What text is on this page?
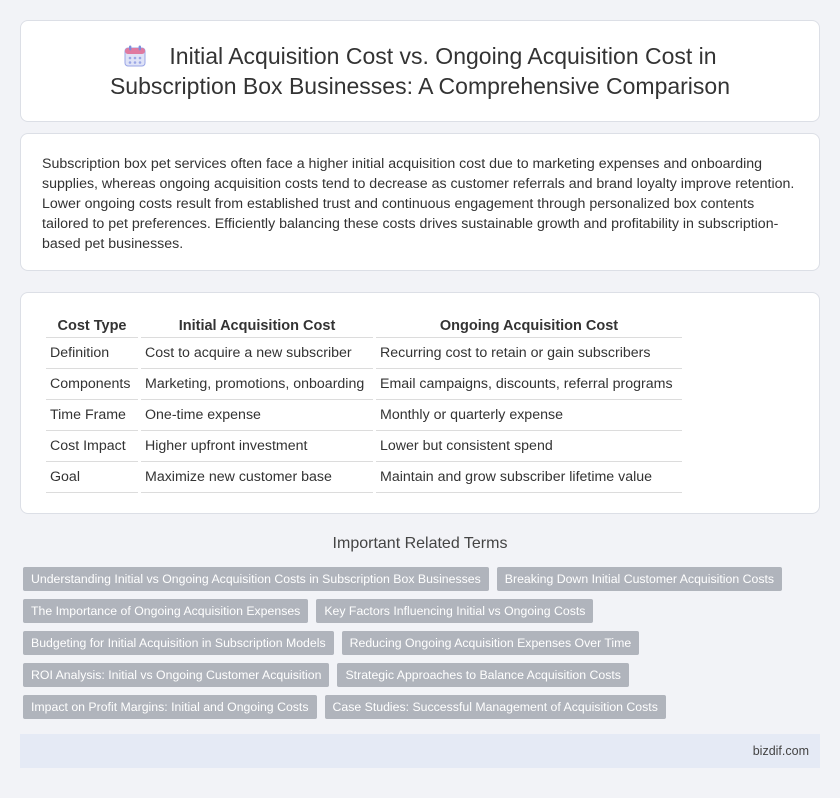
Initial Acquisition Cost vs. Ongoing Acquisition Cost in Subscription Box Businesses: A Comprehensive Comparison

Subscription box pet services often face a higher initial acquisition cost due to marketing expenses and onboarding supplies, whereas ongoing acquisition costs tend to decrease as customer referrals and brand loyalty improve retention. Lower ongoing costs result from established trust and continuous engagement through personalized box contents tailored to pet preferences. Efficiently balancing these costs drives sustainable growth and profitability in subscription-based pet businesses.

Cost Type	Initial Acquisition Cost	Ongoing Acquisition Cost
Definition	Cost to acquire a new subscriber	Recurring cost to retain or gain subscribers
Components	Marketing, promotions, onboarding	Email campaigns, discounts, referral programs
Time Frame	One-time expense	Monthly or quarterly expense
Cost Impact	Higher upfront investment	Lower but consistent spend
Goal	Maximize new customer base	Maintain and grow subscriber lifetime value
Important Related Terms
Understanding Initial vs Ongoing Acquisition Costs in Subscription Box Businesses	Breaking Down Initial Customer Acquisition Costs
The Importance of Ongoing Acquisition Expenses	Key Factors Influencing Initial vs Ongoing Costs
Budgeting for Initial Acquisition in Subscription Models	Reducing Ongoing Acquisition Expenses Over Time
ROI Analysis: Initial vs Ongoing Customer Acquisition	Strategic Approaches to Balance Acquisition Costs
Impact on Profit Margins: Initial and Ongoing Costs	Case Studies: Successful Management of Acquisition Costs
bizdif.com
